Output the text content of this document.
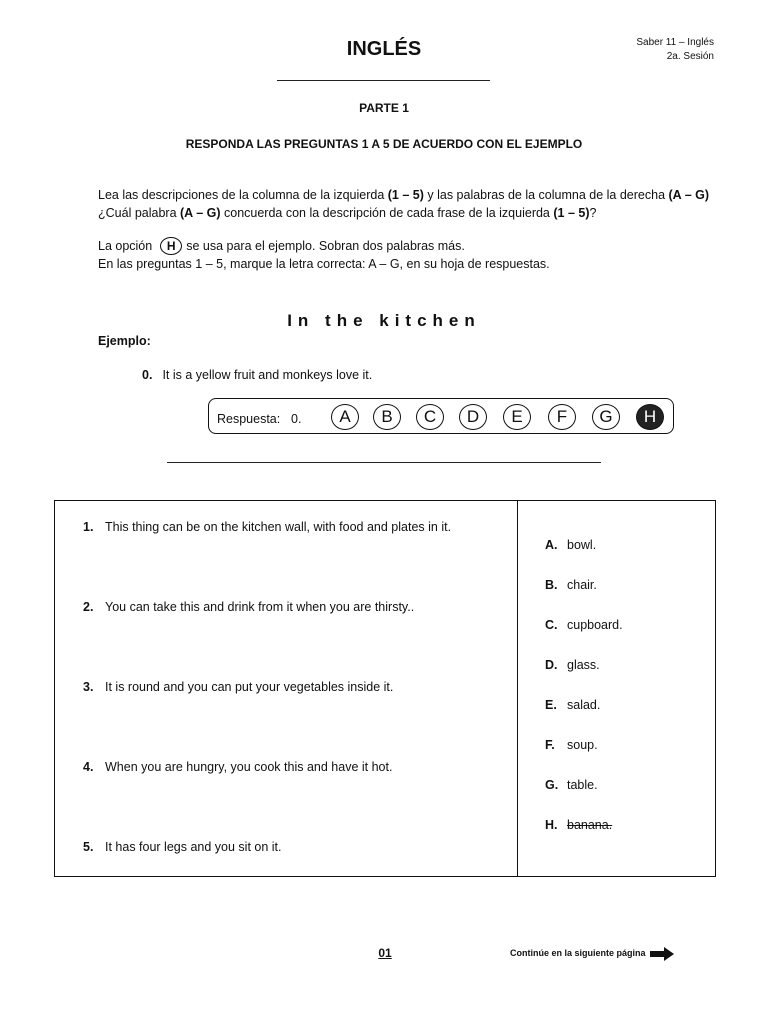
INGLÉS	Saber 11 – Inglés
2a. Sesión
PARTE 1
RESPONDA LAS PREGUNTAS 1 A 5 DE ACUERDO CON EL EJEMPLO
Lea las descripciones de la columna de la izquierda (1 – 5) y las palabras de la columna de la derecha (A – G)
¿Cuál palabra (A – G) concuerda con la descripción de cada frase de la izquierda (1 – 5)?
La opción H se usa para el ejemplo. Sobran dos palabras más.
En las preguntas 1 – 5, marque la letra correcta: A – G, en su hoja de respuestas.
In the kitchen
Ejemplo:
0. It is a yellow fruit and monkeys love it.
Respuesta: 0.	A	B	C	D	E	F	G	H
1. This thing can be on the kitchen wall, with food and plates in it.
2. You can take this and drink from it when you are thirsty..
3. It is round and you can put your vegetables inside it.
4. When you are hungry, you cook this and have it hot.
5. It has four legs and you sit on it.
A. bowl.
B. chair.
C. cupboard.
D. glass.
E. salad.
F. soup.
G. table.
H. banana.
01	Continúe en la siguiente página
